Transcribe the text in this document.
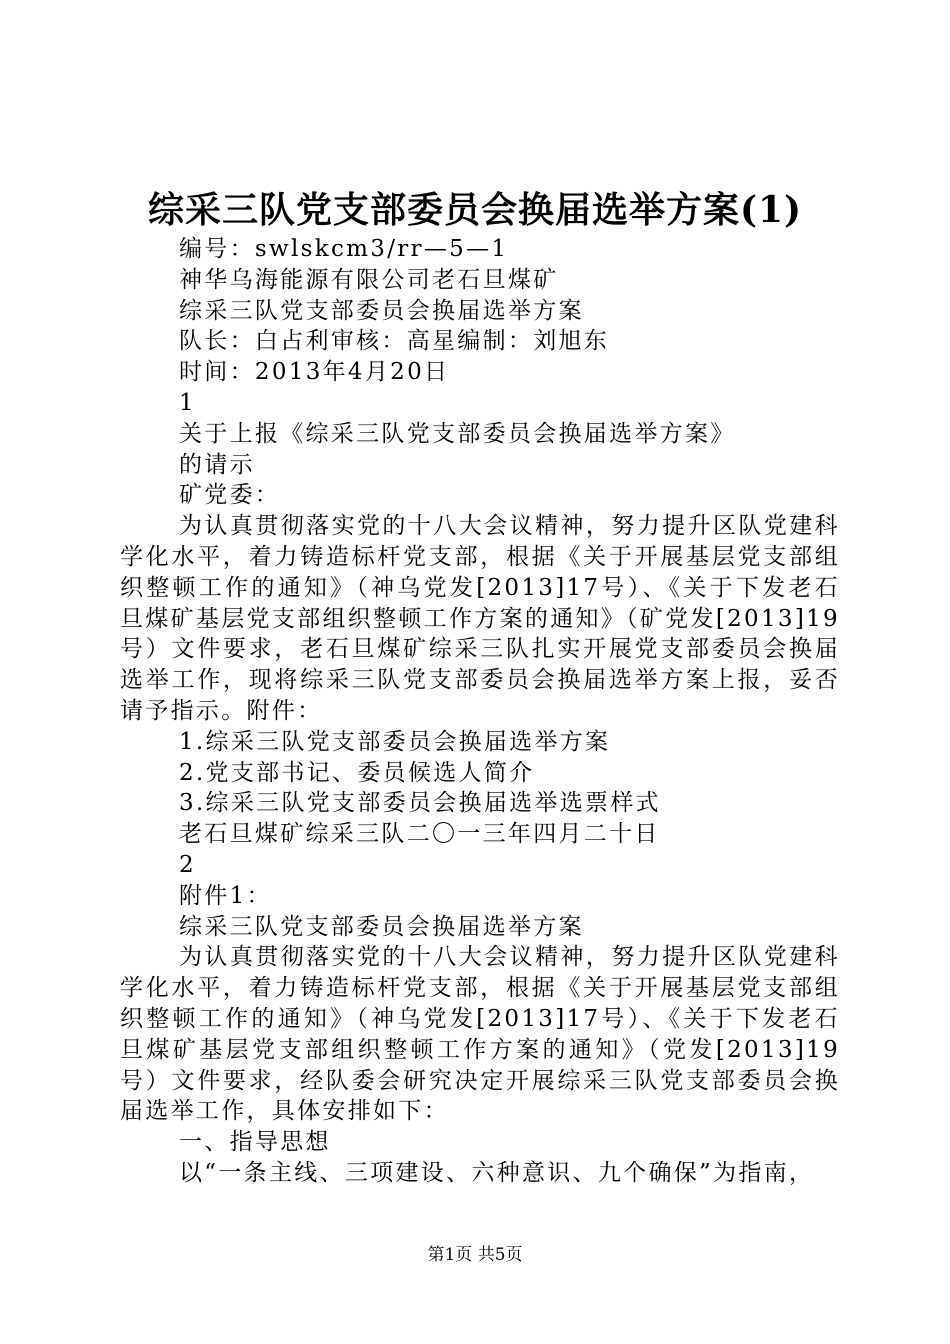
综采三队党支部委员会换届选举方案(1)
编号：swlskcm3/rr—5—1
神华乌海能源有限公司老石旦煤矿
综采三队党支部委员会换届选举方案
队长：白占利审核：高星编制：刘旭东
时间：2013年4月20日
1
关于上报《综采三队党支部委员会换届选举方案》
的请示
矿党委：
为认真贯彻落实党的十八大会议精神，努力提升区队党建科学化水平，着力铸造标杆党支部，根据《关于开展基层党支部组织整顿工作的通知》（神乌党发[2013]17号）、《关于下发老石旦煤矿基层党支部组织整顿工作方案的通知》（矿党发[2013]19号）文件要求，老石旦煤矿综采三队扎实开展党支部委员会换届选举工作，现将综采三队党支部委员会换届选举方案上报，妥否请予指示。附件：
1.综采三队党支部委员会换届选举方案
2.党支部书记、委员候选人简介
3.综采三队党支部委员会换届选举选票样式
老石旦煤矿综采三队二〇一三年四月二十日
2
附件1：
综采三队党支部委员会换届选举方案
为认真贯彻落实党的十八大会议精神，努力提升区队党建科学化水平，着力铸造标杆党支部，根据《关于开展基层党支部组织整顿工作的通知》（神乌党发[2013]17号）、《关于下发老石旦煤矿基层党支部组织整顿工作方案的通知》（党发[2013]19号）文件要求，经队委会研究决定开展综采三队党支部委员会换届选举工作，具体安排如下：
一、指导思想
以“一条主线、三项建设、六种意识、九个确保”为指南，
第1页 共5页
